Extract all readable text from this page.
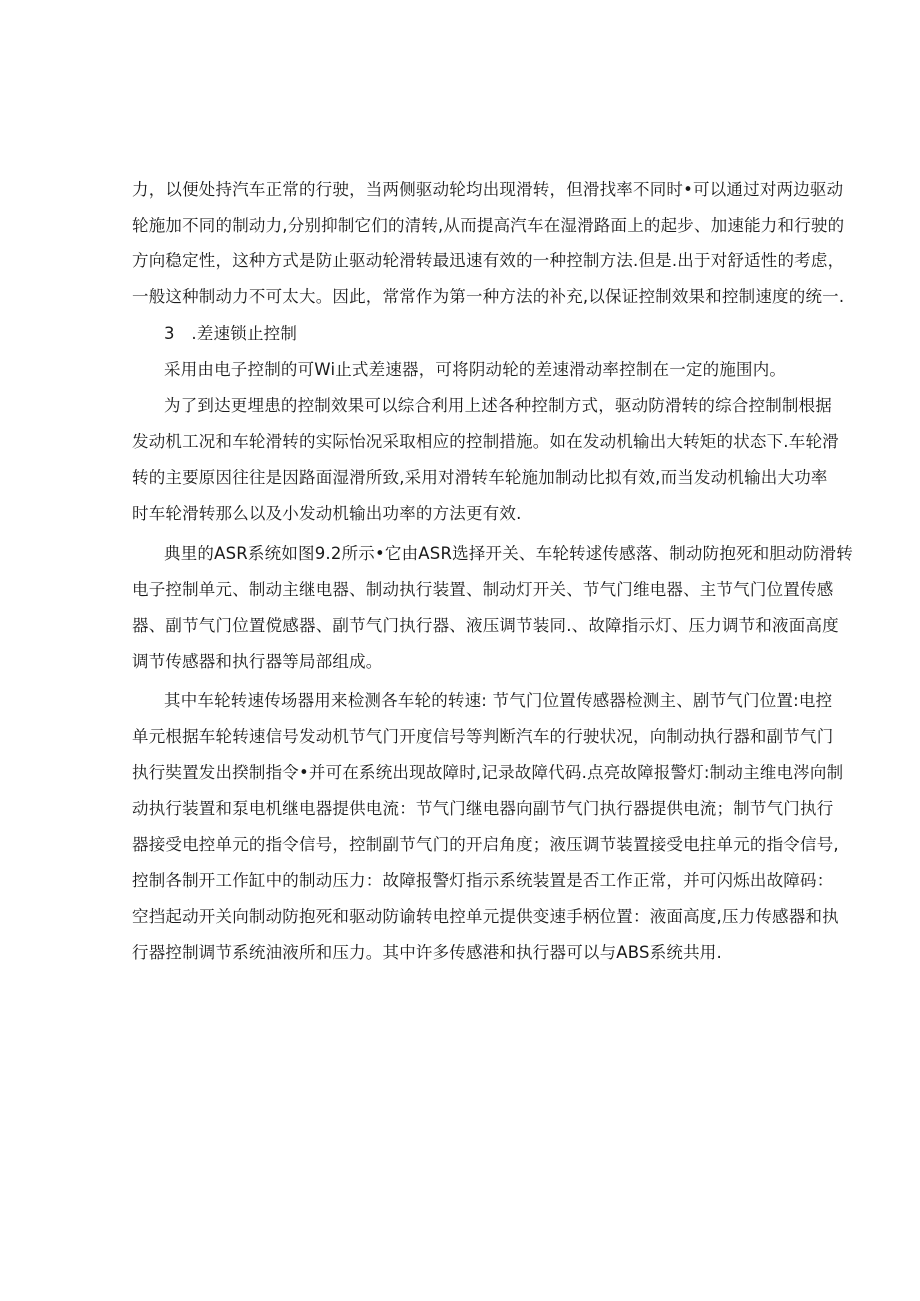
力，以便处持汽车正常的行驶，当两侧驱动轮均出现滑转，但滑找率不同时•可以通过对两边驱动
轮施加不同的制动力,分别抑制它们的清转,从而提高汽车在湿滑路面上的起步、加速能力和行驶的
方向稳定性，这种方式是防止驱动轮滑转最迅速有效的一种控制方法.但是.出于对舒适性的考虑，
一般这种制动力不可太大。因此，常常作为第一种方法的补充,以保证控制效果和控制速度的统一.
3　.差速锁止控制
采用由电子控制的可Wi止式差速器，可将阴动轮的差速滑动率控制在一定的施围内。
为了到达更埋患的控制效果可以综合利用上述各种控制方式，驱动防滑转的综合控制制根据
发动机工况和车轮滑转的实际怡况采取相应的控制措施。如在发动机输出大转矩的状态下.车轮滑
转的主要原因往往是因路面湿滑所致,采用对滑转车轮施加制动比拟有效,而当发动机输出大功率
时车轮滑转那么以及小发动机输出功率的方法更有效.
典里的ASR系统如图9.2所示•它由ASR选择开关、车轮转逑传感落、制动防抱死和胆动防滑转
电子控制单元、制动主继电器、制动执行装置、制动灯开关、节气门维电器、主节气门位置传感
器、副节气门位置傥感器、副节气门执行器、液压调节装同.、故障指示灯、压力调节和液面高度
调节传感器和执行器等局部组成。
其中车轮转速传场器用来检测各车轮的转速: 节气门位置传感器检测主、剧节气门位置:电控
单元根据车轮转速信号发动机节气门开度信号等判断汽车的行驶状况，向制动执行器和副节气门
执行奘置发出揆制指令•并可在系统出现故障时,记录故障代码.点亮故障报警灯:制动主维电涔向制
动执行装置和泵电机继电器提供电流：节气门继电器向副节气门执行器提供电流；制节气门执行
器接受电控单元的指令信号，控制副节气门的开启角度；液压调节装置接受电拄单元的指令信号,
控制各制开工作缸中的制动压力：故障报警灯指示系统装置是否工作正常，并可闪烁出故障码：
空挡起动开关向制动防抱死和驱动防谕转电控单元提供变速手柄位置：液面高度,压力传感器和执
行器控制调节系统油液所和压力。其中许多传感港和执行器可以与ABS系统共用.
